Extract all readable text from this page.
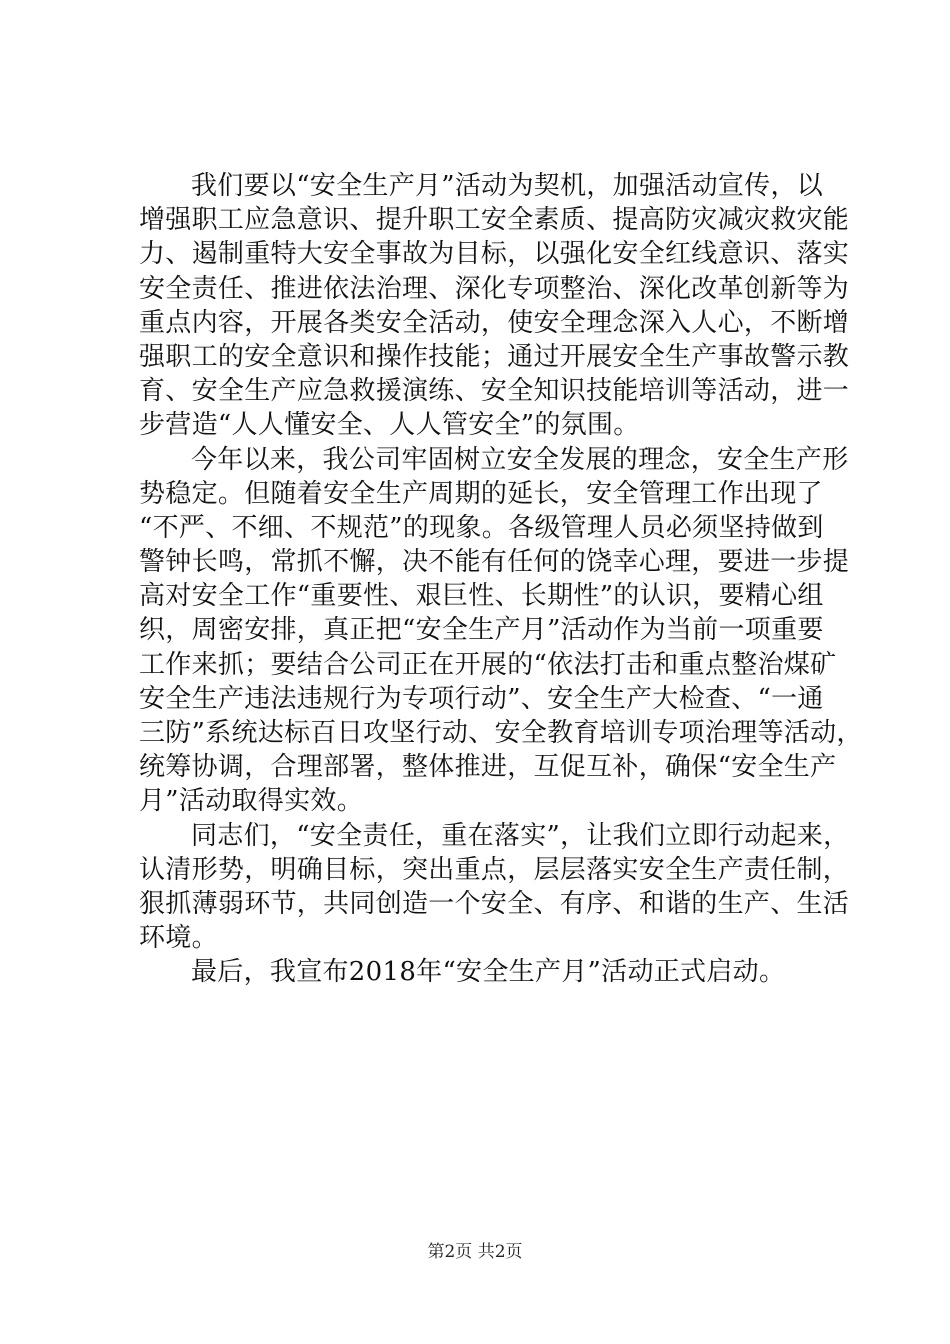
我们要以“安全生产月”活动为契机，加强活动宣传，以
增强职工应急意识、提升职工安全素质、提高防灾减灾救灾能
力、遏制重特大安全事故为目标，以强化安全红线意识、落实
安全责任、推进依法治理、深化专项整治、深化改革创新等为
重点内容，开展各类安全活动，使安全理念深入人心，不断增
强职工的安全意识和操作技能；通过开展安全生产事故警示教
育、安全生产应急救援演练、安全知识技能培训等活动，进一
步营造“人人懂安全、人人管安全”的氛围。
今年以来，我公司牢固树立安全发展的理念，安全生产形
势稳定。但随着安全生产周期的延长，安全管理工作出现了
“不严、不细、不规范”的现象。各级管理人员必须坚持做到
警钟长鸣，常抓不懈，决不能有任何的饶幸心理，要进一步提
高对安全工作“重要性、艰巨性、长期性”的认识，要精心组
织，周密安排，真正把“安全生产月”活动作为当前一项重要
工作来抓；要结合公司正在开展的“依法打击和重点整治煤矿
安全生产违法违规行为专项行动”、安全生产大检查、“一通
三防”系统达标百日攻坚行动、安全教育培训专项治理等活动，
统筹协调，合理部署，整体推进，互促互补，确保“安全生产
月”活动取得实效。
同志们，“安全责任，重在落实”，让我们立即行动起来，
认清形势，明确目标，突出重点，层层落实安全生产责任制，
狠抓薄弱环节，共同创造一个安全、有序、和谐的生产、生活
环境。
最后，我宣布2018年“安全生产月”活动正式启动。
第2页 共2页
